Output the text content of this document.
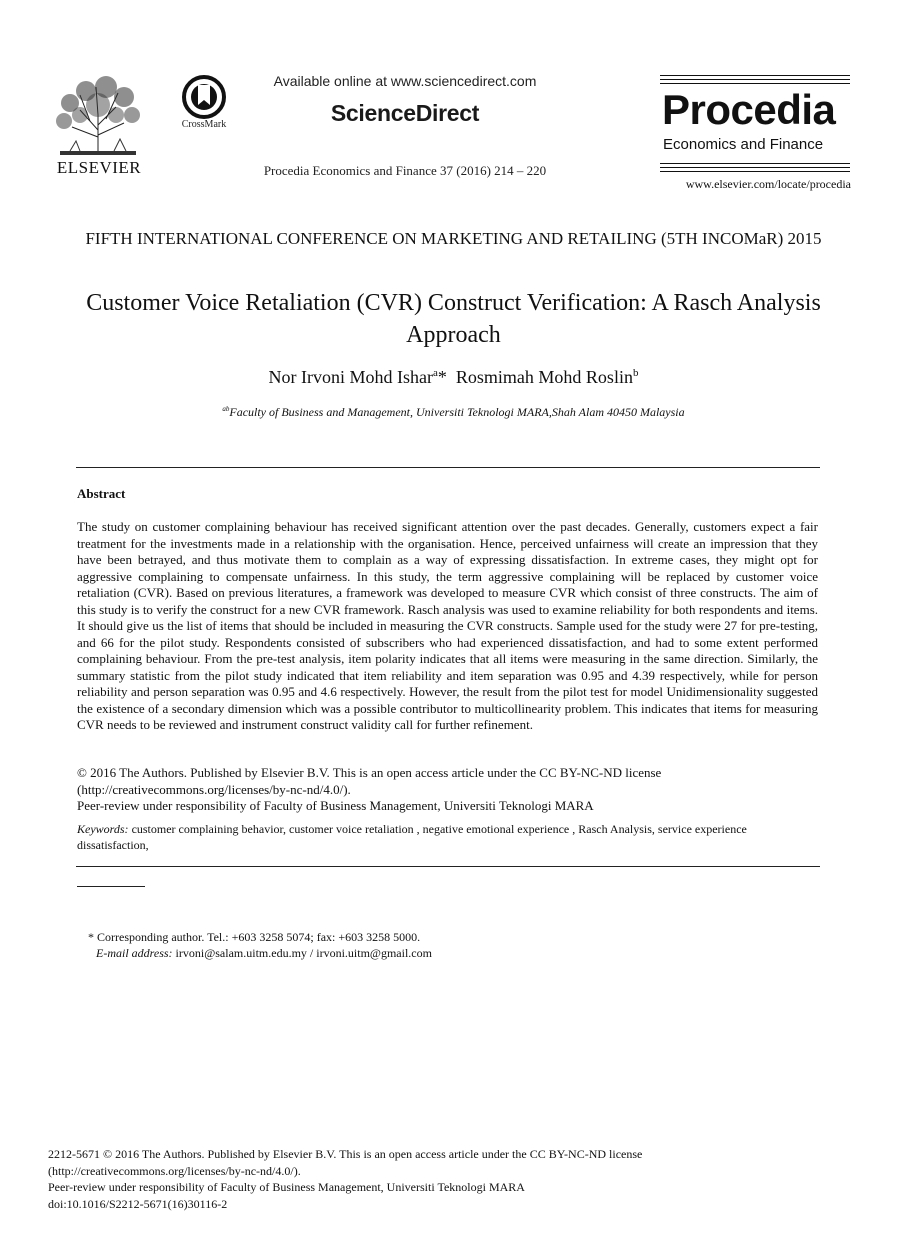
ELSEVIER
CrossMark
Available online at www.sciencedirect.com
ScienceDirect
Procedia Economics and Finance 37 (2016) 214 – 220
Procedia
Economics and Finance
www.elsevier.com/locate/procedia
FIFTH INTERNATIONAL CONFERENCE ON MARKETING AND RETAILING (5TH INCOMaR) 2015
Customer Voice Retaliation (CVR) Construct Verification: A Rasch Analysis Approach
Nor Irvoni Mohd Ishar$^a$* Rosmimah Mohd Roslin$^b$
$^{ab}$Faculty of Business and Management, Universiti Teknologi MARA,Shah Alam 40450 Malaysia
Abstract
The study on customer complaining behaviour has received significant attention over the past decades. Generally, customers expect a fair treatment for the investments made in a relationship with the organisation. Hence, perceived unfairness will create an impression that they have been betrayed, and thus motivate them to complain as a way of expressing dissatisfaction. In extreme cases, they might opt for aggressive complaining to compensate unfairness. In this study, the term aggressive complaining will be replaced by customer voice retaliation (CVR). Based on previous literatures, a framework was developed to measure CVR which consist of three constructs. The aim of this study is to verify the construct for a new CVR framework. Rasch analysis was used to examine reliability for both respondents and items. It should give us the list of items that should be included in measuring the CVR constructs. Sample used for the study were 27 for pre-testing, and 66 for the pilot study. Respondents consisted of subscribers who had experienced dissatisfaction, and had to some extent performed complaining behaviour. From the pre-test analysis, item polarity indicates that all items were measuring in the same direction. Similarly, the summary statistic from the pilot study indicated that item reliability and item separation was 0.95 and 4.39 respectively, while for person reliability and person separation was 0.95 and 4.6 respectively. However, the result from the pilot test for model Unidimensionality suggested the existence of a secondary dimension which was a possible contributor to multicollinearity problem. This indicates that items for measuring CVR needs to be reviewed and instrument construct validity call for further refinement.
© 2016 The Authors. Published by Elsevier B.V. This is an open access article under the CC BY-NC-ND license
(http://creativecommons.org/licenses/by-nc-nd/4.0/).
Peer-review under responsibility of Faculty of Business Management, Universiti Teknologi MARA
Keywords: customer complaining behavior, customer voice retaliation , negative emotional experience , Rasch Analysis, service experience dissatisfaction,
* Corresponding author. Tel.: +603 3258 5074; fax: +603 3258 5000.
E-mail address: irvoni@salam.uitm.edu.my / irvoni.uitm@gmail.com
2212-5671 © 2016 The Authors. Published by Elsevier B.V. This is an open access article under the CC BY-NC-ND license
(http://creativecommons.org/licenses/by-nc-nd/4.0/).
Peer-review under responsibility of Faculty of Business Management, Universiti Teknologi MARA
doi:10.1016/S2212-5671(16)30116-2
